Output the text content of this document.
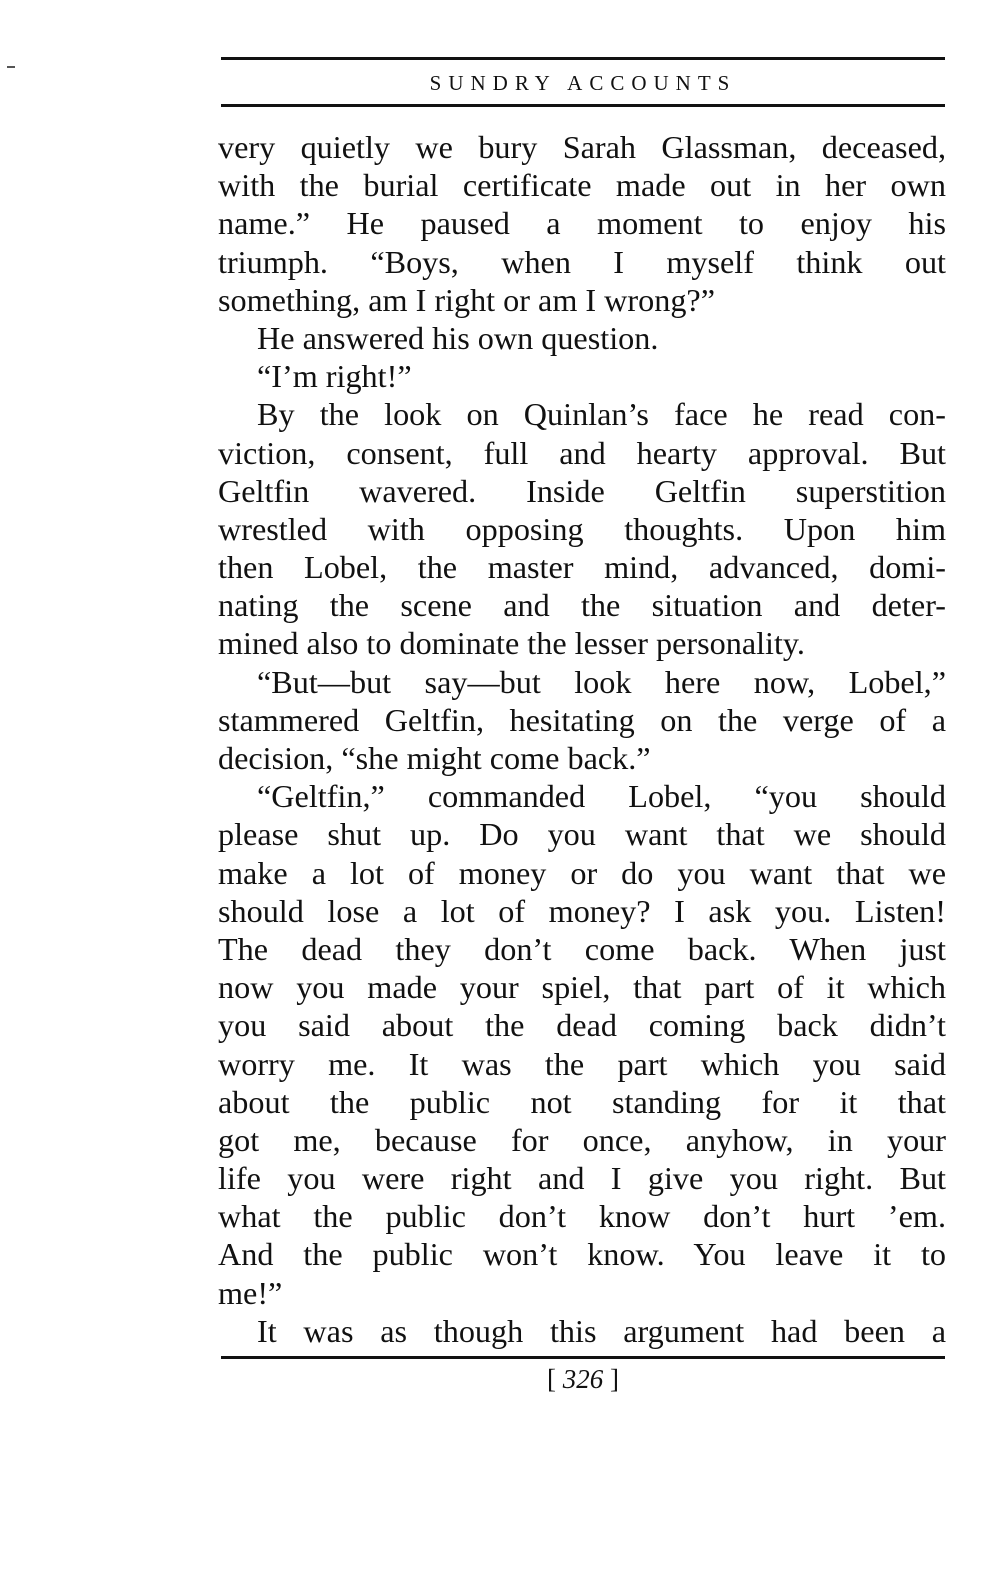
SUNDRY ACCOUNTS
very quietly we bury Sarah Glassman, deceased,
with the burial certificate made out in her own
name.” He paused a moment to enjoy his
triumph. “Boys, when I myself think out
something, am I right or am I wrong?”
He answered his own question.
“I’m right!”
By the look on Quinlan’s face he read con-
viction, consent, full and hearty approval. But
Geltfin wavered. Inside Geltfin superstition
wrestled with opposing thoughts. Upon him
then Lobel, the master mind, advanced, domi-
nating the scene and the situation and deter-
mined also to dominate the lesser personality.
“But—but say—but look here now, Lobel,”
stammered Geltfin, hesitating on the verge of a
decision, “she might come back.”
“Geltfin,” commanded Lobel, “you should
please shut up. Do you want that we should
make a lot of money or do you want that we
should lose a lot of money? I ask you. Listen!
The dead they don’t come back. When just
now you made your spiel, that part of it which
you said about the dead coming back didn’t
worry me. It was the part which you said
about the public not standing for it that
got me, because for once, anyhow, in your
life you were right and I give you right. But
what the public don’t know don’t hurt ’em.
And the public won’t know. You leave it to
me!”
It was as though this argument had been a
[ 326 ]
